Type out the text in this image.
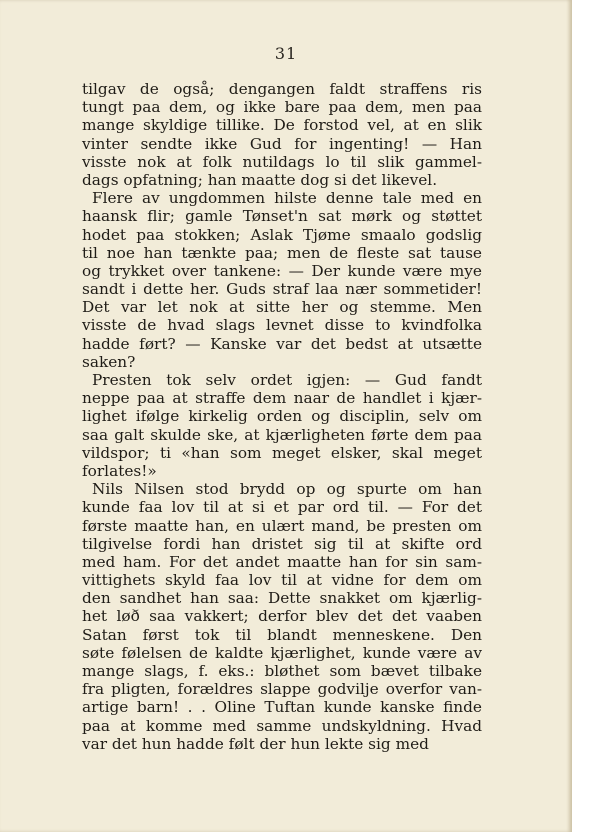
31
tilgav de også; dengangen faldt straffens ris
tungt paa dem, og ikke bare paa dem, men paa
mange skyldige tillike. De forstod vel, at en slik
vinter sendte ikke Gud for ingenting! — Han
visste nok at folk nutildags lo til slik gammel-
dags opfatning; han maatte dog si det likevel.
Flere av ungdommen hilste denne tale med en
haansk flir; gamle Tønset'n sat mørk og støttet
hodet paa stokken; Aslak Tjøme smaalo godslig
til noe han tænkte paa; men de fleste sat tause
og trykket over tankene: — Der kunde være mye
sandt i dette her. Guds straf laa nær sommetider!
Det var let nok at sitte her og stemme. Men
visste de hvad slags levnet disse to kvindfolka
hadde ført? — Kanske var det bedst at utsætte
saken?
Presten tok selv ordet igjen: — Gud fandt
neppe paa at straffe dem naar de handlet i kjær-
lighet ifølge kirkelig orden og disciplin, selv om
saa galt skulde ske, at kjærligheten førte dem paa
vildspor; ti «han som meget elsker, skal meget
forlates!»
Nils Nilsen stod brydd op og spurte om han
kunde faa lov til at si et par ord til. — For det
første maatte han, en ulært mand, be presten om
tilgivelse fordi han dristet sig til at skifte ord
med ham. For det andet maatte han for sin sam-
vittighets skyld faa lov til at vidne for dem om
den sandhet han saa: Dette snakket om kjærlig-
het løð saa vakkert; derfor blev det det vaaben
Satan først tok til blandt menneskene. Den
søte følelsen de kaldte kjærlighet, kunde være av
mange slags, f. eks.: bløthet som bævet tilbake
fra pligten, forældres slappe godvilje overfor van-
artige barn! . . Oline Tuftan kunde kanske finde
paa at komme med samme undskyldning. Hvad
var det hun hadde følt der hun lekte sig med
